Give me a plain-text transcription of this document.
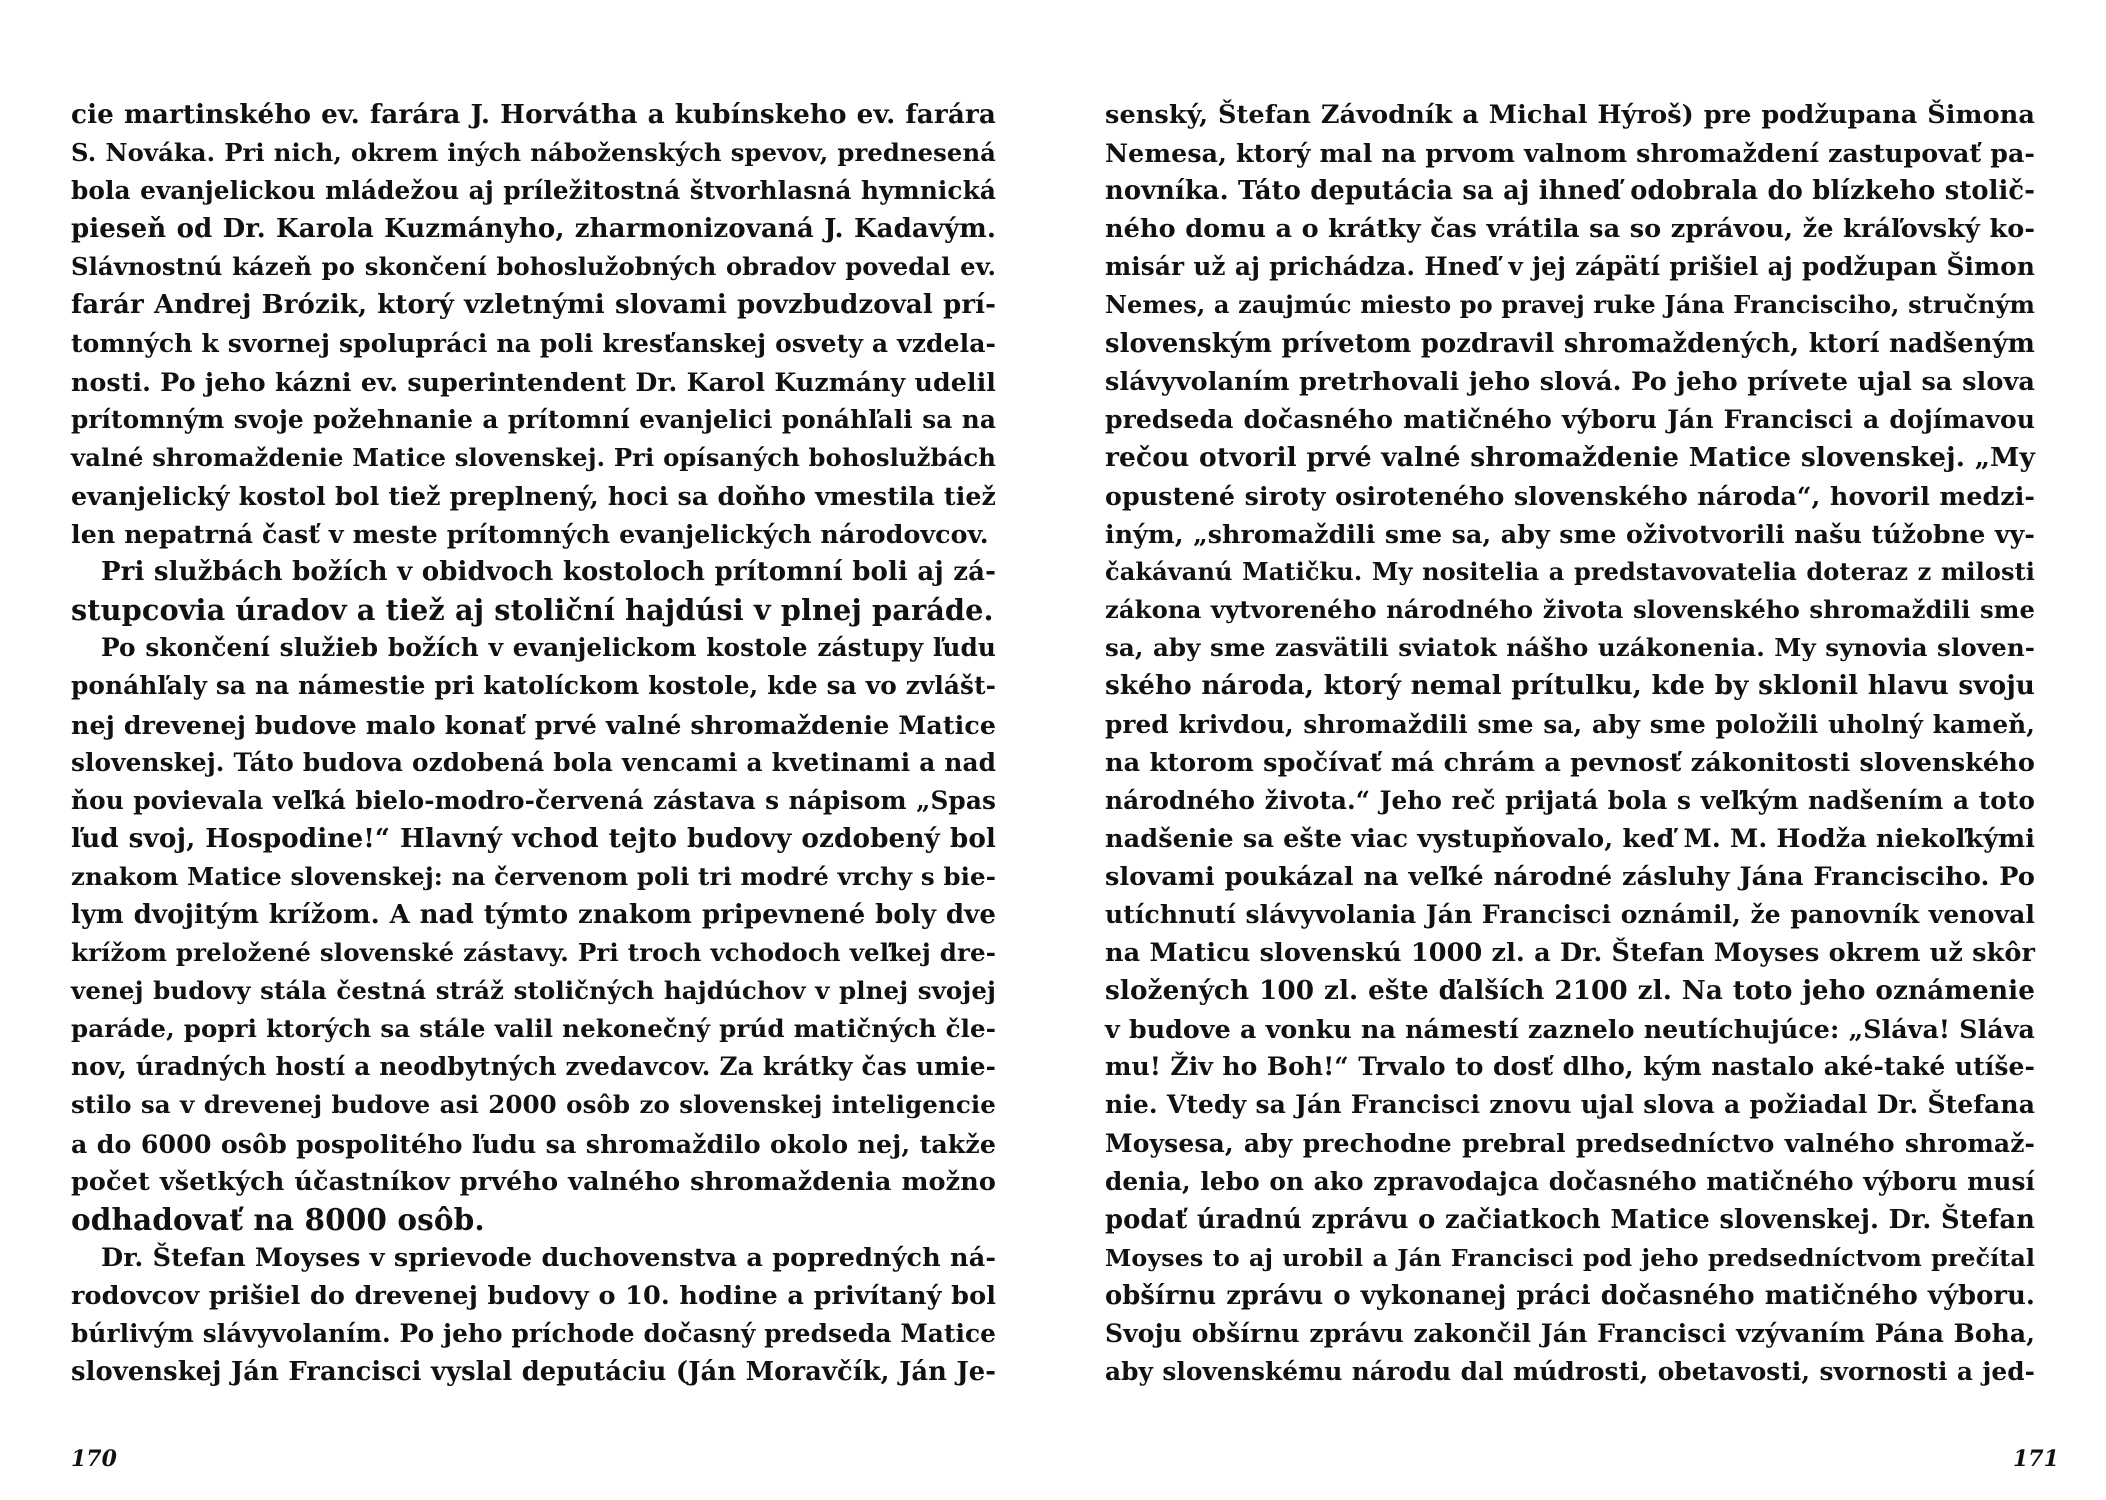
cie martinského ev. farára J. Horvátha a kubínskeho ev. farára
S. Nováka. Pri nich, okrem iných náboženských spevov, prednesená
bola evanjelickou mládežou aj príležitostná štvorhlasná hymnická
pieseň od Dr. Karola Kuzmányho, zharmonizovaná J. Kadavým.
Slávnostnú kázeň po skončení bohoslužobných obradov povedal ev.
farár Andrej Brózik, ktorý vzletnými slovami povzbudzoval prí-
tomných k svornej spolupráci na poli kresťanskej osvety a vzdela-
nosti. Po jeho kázni ev. superintendent Dr. Karol Kuzmány udelil
prítomným svoje požehnanie a prítomní evanjelici ponáhľali sa na
valné shromaždenie Matice slovenskej. Pri opísaných bohoslužbách
evanjelický kostol bol tiež preplnený, hoci sa doňho vmestila tiež
len nepatrná časť v meste prítomných evanjelických národovcov.

Pri službách božích v obidvoch kostoloch prítomní boli aj zá-
stupcovia úradov a tiež aj stoliční hajdúsi v plnej paráde.

Po skončení služieb božích v evanjelickom kostole zástupy ľudu
ponáhľaly sa na námestie pri katolíckom kostole, kde sa vo zvlášt-
nej drevenej budove malo konať prvé valné shromaždenie Matice
slovenskej. Táto budova ozdobená bola vencami a kvetinami a nad
ňou povievala veľká bielo-modro-červená zástava s nápisom „Spas
ľud svoj, Hospodine!“ Hlavný vchod tejto budovy ozdobený bol
znakom Matice slovenskej: na červenom poli tri modré vrchy s bie-
lym dvojitým krížom. A nad týmto znakom pripevnené boly dve
krížom preložené slovenské zástavy. Pri troch vchodoch veľkej dre-
venej budovy stála čestná stráž stoličných hajdúchov v plnej svojej
paráde, popri ktorých sa stále valil nekonečný prúd matičných čle-
nov, úradných hostí a neodbytných zvedavcov. Za krátky čas umie-
stilo sa v drevenej budove asi 2000 osôb zo slovenskej inteligencie
a do 6000 osôb pospolitého ľudu sa shromaždilo okolo nej, takže
počet všetkých účastníkov prvého valného shromaždenia možno
odhadovať na 8000 osôb.

Dr. Štefan Moyses v sprievode duchovenstva a popredných ná-
rodovcov prišiel do drevenej budovy o 10. hodine a privítaný bol
búrlivým slávyvolaním. Po jeho príchode dočasný predseda Matice
slovenskej Ján Francisci vyslal deputáciu (Ján Moravčík, Ján Je-

170

senský, Štefan Závodník a Michal Hýroš) pre podžupana Šimona
Nemesa, ktorý mal na prvom valnom shromaždení zastupovať pa-
novníka. Táto deputácia sa aj ihneď odobrala do blízkeho stolič-
ného domu a o krátky čas vrátila sa so zprávou, že kráľovský ko-
misár už aj prichádza. Hneď v jej zápätí prišiel aj podžupan Šimon
Nemes, a zaujmúc miesto po pravej ruke Jána Francisciho, stručným
slovenským prívetom pozdravil shromaždených, ktorí nadšeným
slávyvolaním pretrhovali jeho slová. Po jeho prívete ujal sa slova
predseda dočasného matičného výboru Ján Francisci a dojímavou
rečou otvoril prvé valné shromaždenie Matice slovenskej. „My
opustené siroty osiroteného slovenského národa“, hovoril medzi-
iným, „shromaždili sme sa, aby sme oživotvorili našu túžobne vy-
čakávanú Matičku. My nositelia a predstavovatelia doteraz z milosti
zákona vytvoreného národného života slovenského shromaždili sme
sa, aby sme zasvätili sviatok nášho uzákonenia. My synovia sloven-
ského národa, ktorý nemal prítulku, kde by sklonil hlavu svoju
pred krivdou, shromaždili sme sa, aby sme položili uholný kameň,
na ktorom spočívať má chrám a pevnosť zákonitosti slovenského
národného života.“ Jeho reč prijatá bola s veľkým nadšením a toto
nadšenie sa ešte viac vystupňovalo, keď M. M. Hodža niekoľkými
slovami poukázal na veľké národné zásluhy Jána Francisciho. Po
utíchnutí slávyvolania Ján Francisci oznámil, že panovník venoval
na Maticu slovenskú 1000 zl. a Dr. Štefan Moyses okrem už skôr
složených 100 zl. ešte ďalších 2100 zl. Na toto jeho oznámenie
v budove a vonku na námestí zaznelo neutíchujúce: „Sláva! Sláva
mu! Živ ho Boh!“ Trvalo to dosť dlho, kým nastalo aké-také utíše-
nie. Vtedy sa Ján Francisci znovu ujal slova a požiadal Dr. Štefana
Moysesa, aby prechodne prebral predsedníctvo valného shromaž-
denia, lebo on ako zpravodajca dočasného matičného výboru musí
podať úradnú zprávu o začiatkoch Matice slovenskej. Dr. Štefan
Moyses to aj urobil a Ján Francisci pod jeho predsedníctvom prečítal
obšírnu zprávu o vykonanej práci dočasného matičného výboru.
Svoju obšírnu zprávu zakončil Ján Francisci vzývaním Pána Boha,
aby slovenskému národu dal múdrosti, obetavosti, svornosti a jed-

171
